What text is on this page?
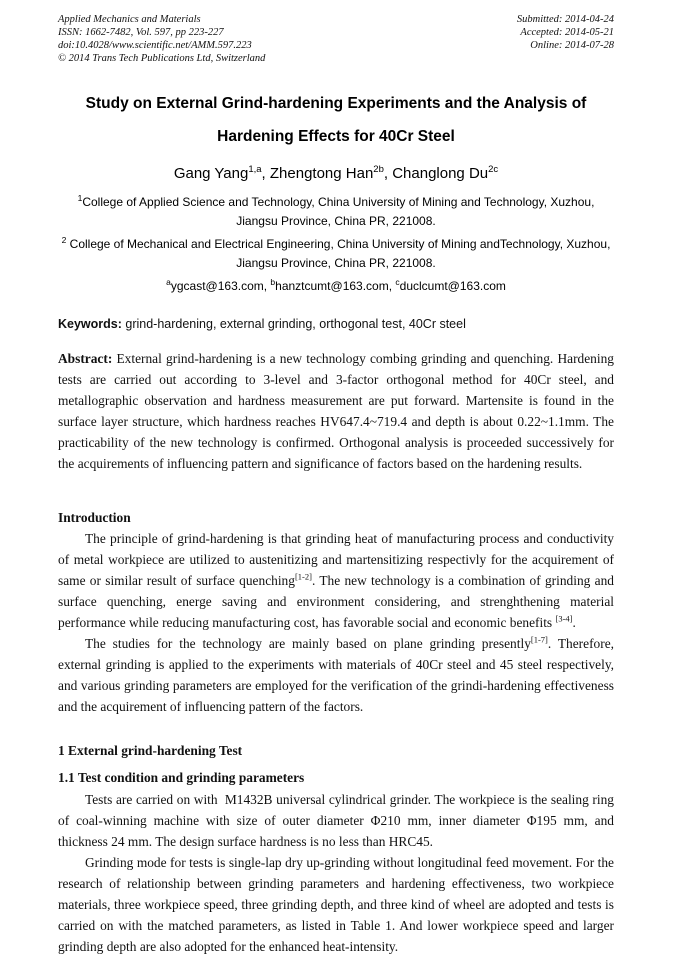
Applied Mechanics and Materials
ISSN: 1662-7482, Vol. 597, pp 223-227
doi:10.4028/www.scientific.net/AMM.597.223
© 2014 Trans Tech Publications Ltd, Switzerland
Submitted: 2014-04-24
Accepted: 2014-05-21
Online: 2014-07-28
Study on External Grind-hardening Experiments and the Analysis of
Hardening Effects for 40Cr Steel
Gang Yang$^{1,a}$, Zhengtong Han$^{2b}$, Changlong $Du^{2c}$

$^1$College of Applied Science and Technology, China University of Mining and Technology, Xuzhou, Jiangsu Province, China PR, 221008.

$^2$ College of Mechanical and Electrical Engineering, China University of Mining andTechnology, Xuzhou, Jiangsu Province, China PR, 221008.

$^a$ygcast@163.com, $^b$hanztcumt@163.com, $^c$duclcumt@163.com

Keywords: grind-hardening, external grinding, orthogonal test, 40Cr steel

Abstract: External grind-hardening is a new technology combing grinding and quenching. Hardening tests are carried out according to 3-level and 3-factor orthogonal method for 40Cr steel, and metallographic observation and hardness measurement are put forward. Martensite is found in the surface layer structure, which hardness reaches HV647.4~719.4 and depth is about 0.22~1.1mm. The practicability of the new technology is confirmed. Orthogonal analysis is proceeded successively for the acquirements of influencing pattern and significance of factors based on the hardening results.

Introduction

The principle of grind-hardening is that grinding heat of manufacturing process and conductivity of metal workpiece are utilized to austenitizing and martensitizing respectivly for the acquirement of same or similar result of surface quenching[1-2]. The new technology is a combination of grinding and surface quenching, energe saving and environment considering, and strenghthening material performance while reducing manufacturing cost, has favorable social and economic benefits [3-4].

The studies for the technology are mainly based on plane grinding presently[1-7]. Therefore, external grinding is applied to the experiments with materials of 40Cr steel and 45 steel respectively, and various grinding parameters are employed for the verification of the grindi-hardening effectiveness and the acquirement of influencing pattern of the factors.

1 External grind-hardening Test
1.1 Test condition and grinding parameters

Tests are carried on with  M1432B universal cylindrical grinder. The workpiece is the sealing ring of coal-winning machine with size of outer diameter Φ210 mm, inner diameter Φ195 mm, and thickness 24 mm. The design surface hardness is no less than HRC45.

Grinding mode for tests is single-lap dry up-grinding without longitudinal feed movement. For the research of relationship between grinding parameters and hardening effectiveness, two workpiece materials, three workpiece speed, three grinding depth, and three kind of wheel are adopted and tests is carried on with the matched parameters, as listed in Table 1. And lower workpiece speed and larger grinding depth are also adopted for the enhanced heat-intensity.
